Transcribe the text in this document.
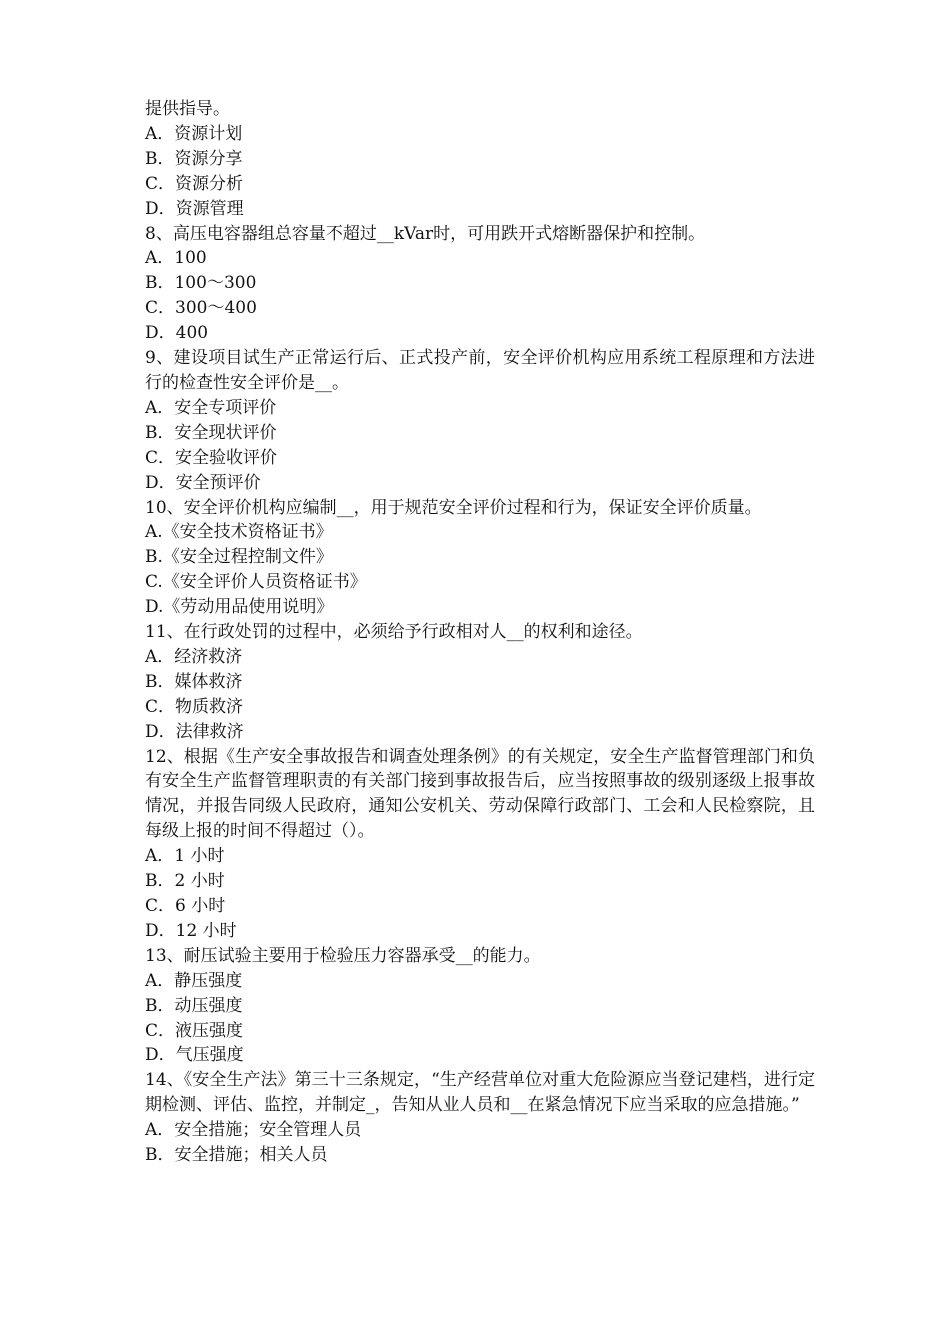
提供指导。
A．资源计划
B．资源分享
C．资源分析
D．资源管理
8、高压电容器组总容量不超过__kVar时，可用跌开式熔断器保护和控制。
A．100
B．100～300
C．300～400
D．400
9、建设项目试生产正常运行后、正式投产前，安全评价机构应用系统工程原理和方法进行的检查性安全评价是__。
A．安全专项评价
B．安全现状评价
C．安全验收评价
D．安全预评价
10、安全评价机构应编制__，用于规范安全评价过程和行为，保证安全评价质量。
A.《安全技术资格证书》
B.《安全过程控制文件》
C.《安全评价人员资格证书》
D.《劳动用品使用说明》
11、在行政处罚的过程中，必须给予行政相对人__的权利和途径。
A．经济救济
B．媒体救济
C．物质救济
D．法律救济
12、根据《生产安全事故报告和调查处理条例》的有关规定，安全生产监督管理部门和负有安全生产监督管理职责的有关部门接到事故报告后，应当按照事故的级别逐级上报事故情况，并报告同级人民政府，通知公安机关、劳动保障行政部门、工会和人民检察院，且每级上报的时间不得超过（）。
A．1 小时
B．2 小时
C．6 小时
D．12 小时
13、耐压试验主要用于检验压力容器承受__的能力。
A．静压强度
B．动压强度
C．液压强度
D．气压强度
14、《安全生产法》第三十三条规定，“生产经营单位对重大危险源应当登记建档，进行定期检测、评估、监控，并制定_，告知从业人员和__在紧急情况下应当采取的应急措施。”
A．安全措施；安全管理人员
B．安全措施；相关人员
